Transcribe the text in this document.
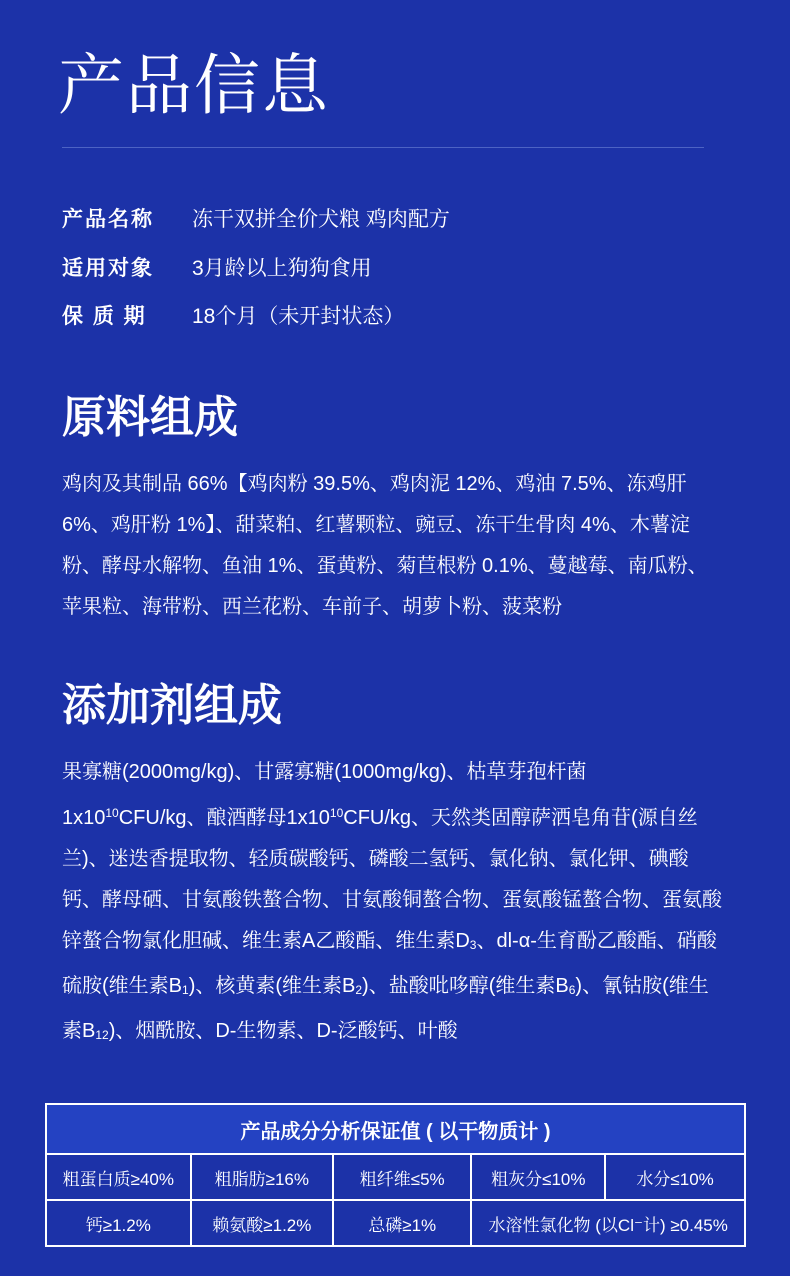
产品信息
产品名称	冻干双拼全价犬粮 鸡肉配方
适用对象	3月龄以上狗狗食用
保 质 期	18个月（未开封状态）
原料组成

鸡肉及其制品 66%【鸡肉粉 39.5%、鸡肉泥 12%、鸡油 7.5%、冻鸡肝 6%、鸡肝粉 1%】、甜菜粕、红薯颗粒、豌豆、冻干生骨肉 4%、木薯淀粉、酵母水解物、鱼油 1%、蛋黄粉、菊苣根粉 0.1%、蔓越莓、南瓜粉、苹果粒、海带粉、西兰花粉、车前子、胡萝卜粉、菠菜粉

添加剂组成

果寡糖(2000mg/kg)、甘露寡糖(1000mg/kg)、枯草芽孢杆菌 $1x10^{10}CFU/kg$、酿酒酵母$1x10^{10}CFU/kg$、天然类固醇萨洒皂角苷(源自丝兰)、迷迭香提取物、轻质碳酸钙、磷酸二氢钙、氯化钠、氯化钾、碘酸钙、酵母硒、甘氨酸铁螯合物、甘氨酸铜螯合物、蛋氨酸锰螯合物、蛋氨酸锌螯合物氯化胆碱、维生素A乙酸酯、维生素$D_3$、dl-α-生育酚乙酸酯、硝酸硫胺(维生素$B_1$)、核黄素(维生素$B_2$)、盐酸吡哆醇(维生素$B_6$)、氰钴胺(维生素$B_{12}$)、烟酰胺、D-生物素、D-泛酸钙、叶酸

产品成分分析保证值 ( 以干物质计 )				
粗蛋白质≥40%	粗脂肪≥16%	粗纤维≤5%	粗灰分≤10%	水分≤10%
钙≥1.2%	赖氨酸≥1.2%	总磷≥1%	水溶性氯化物 (以Cl⁻计) ≥0.45%	
